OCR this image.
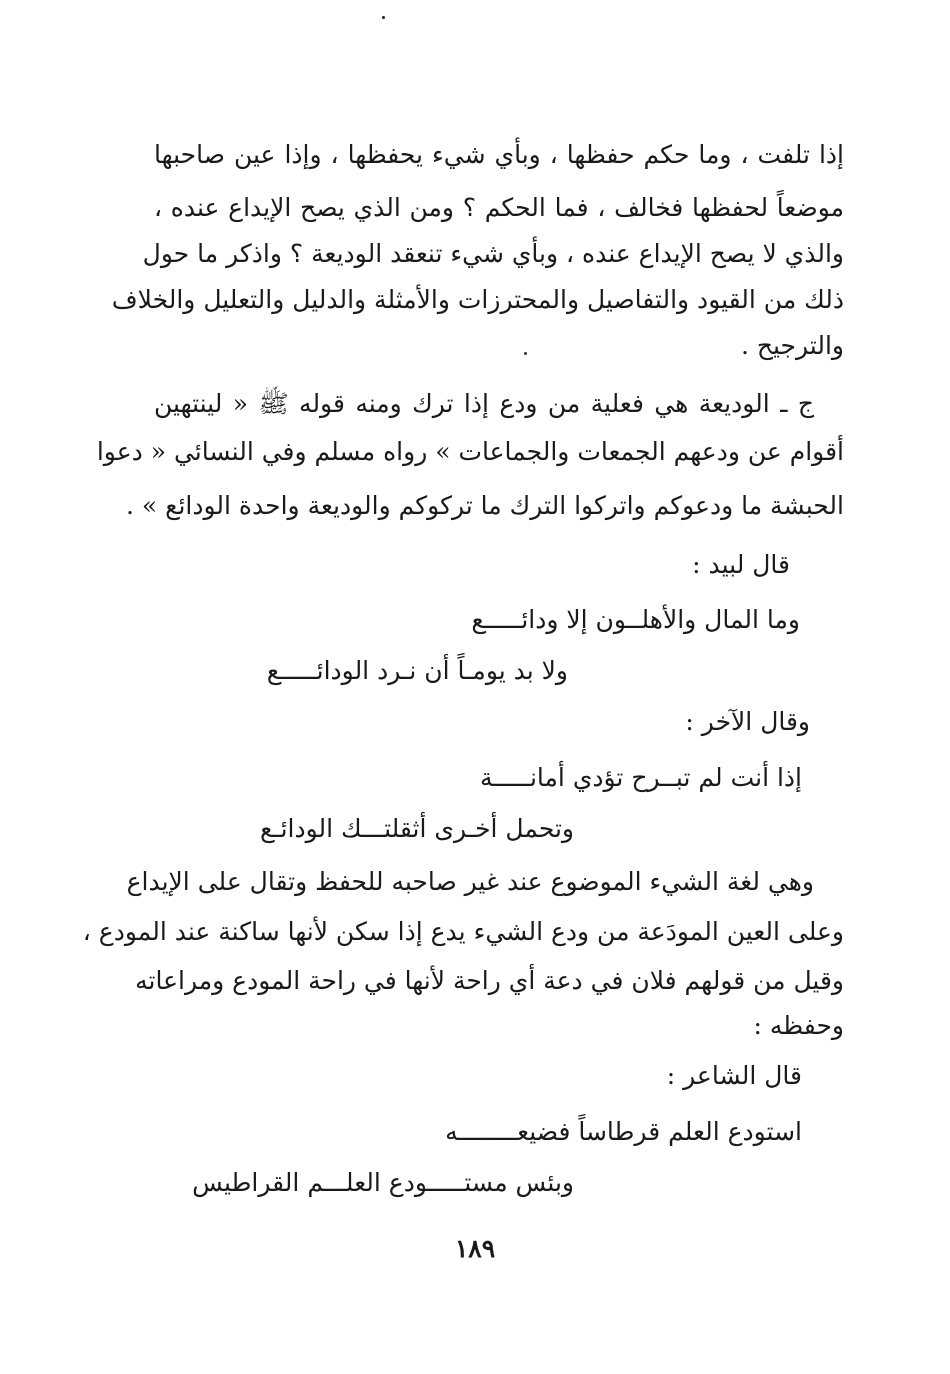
إذا تلفت ، وما حكم حفظها ، وبأي شيء يحفظها ، وإذا عين صاحبها
موضعاً لحفظها فخالف ، فما الحكم ؟ ومن الذي يصح الإيداع عنده ،
والذي لا يصح الإيداع عنده ، وبأي شيء تنعقد الوديعة ؟ واذكر ما حول
ذلك من القيود والتفاصيل والمحترزات والأمثلة والدليل والتعليل والخلاف
والترجيح .
ج ـ الوديعة هي فعلية من ودع إذا ترك ومنه قوله ﷺ « لينتهين
أقوام عن ودعهم الجمعات والجماعات » رواه مسلم وفي النسائي « دعوا
الحبشة ما ودعوكم واتركوا الترك ما تركوكم والوديعة واحدة الودائع » .
قال لبيد :
وما المال والأهلــون إلا ودائـــــع
ولا بد يومـاً أن نـرد الودائـــــع
وقال الآخر :
إذا أنت لم تبــرح تؤدي أمانـــــة
وتحمل أخـرى أثقلتـــك الودائـع
وهي لغة الشيء الموضوع عند غير صاحبه للحفظ وتقال على الإيداع
وعلى العين المودَعة من ودع الشيء يدع إذا سكن لأنها ساكنة عند المودع ،
وقيل من قولهم فلان في دعة أي راحة لأنها في راحة المودع ومراعاته
وحفظه :
قال الشاعر :
استودع العلم قرطاساً فضيعــــــــه
وبئس مستـــــودع العلـــم القراطيس
١٨٩
